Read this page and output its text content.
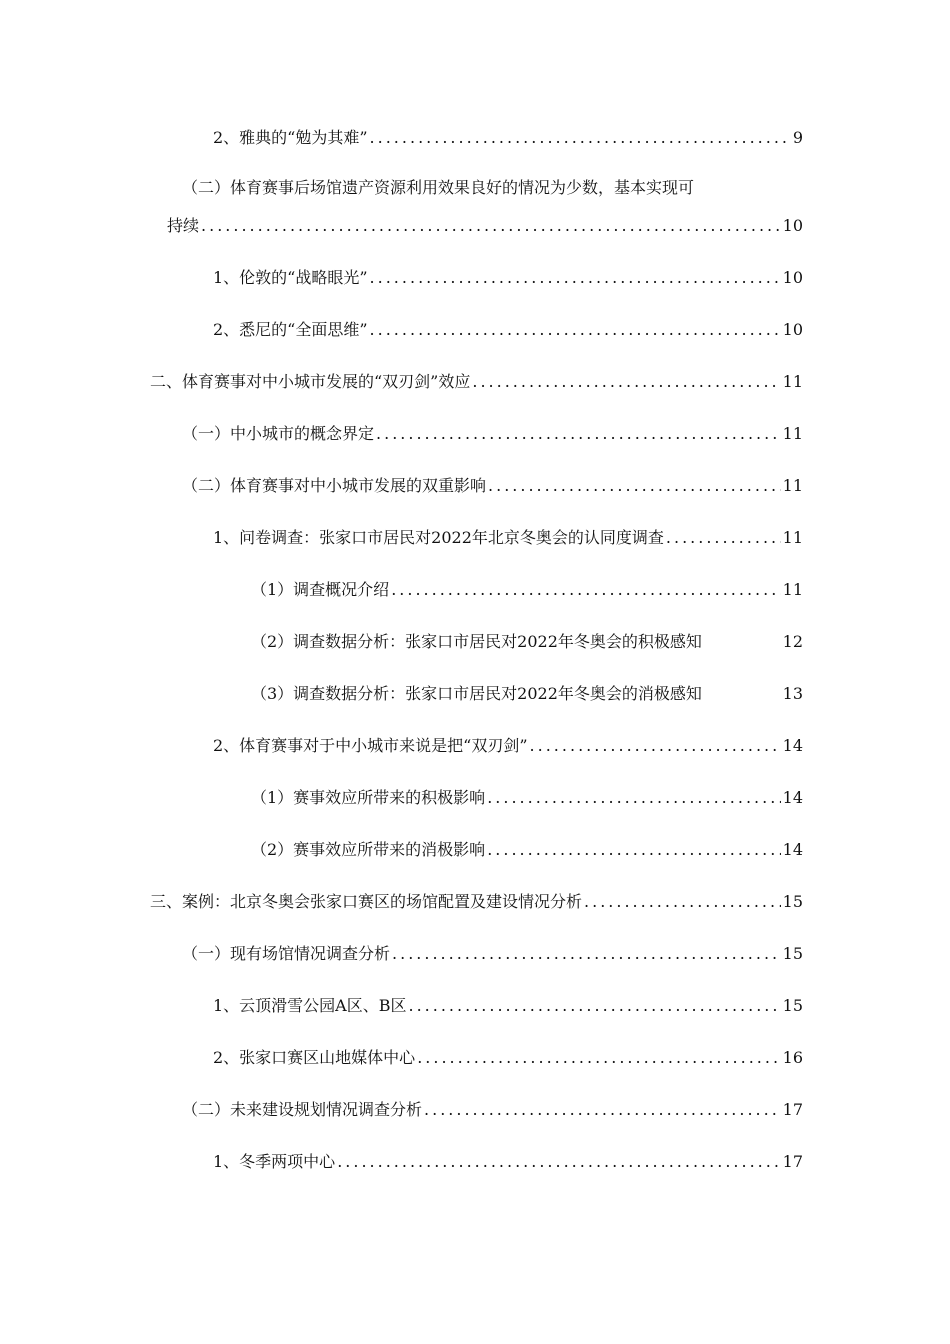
2、雅典的“勉为其难” .....	9
（二）体育赛事后场馆遗产资源利用效果良好的情况为少数，基本实现可
持续 .....	10
1、伦敦的“战略眼光” .....	10
2、悉尼的“全面思维” .....	10
二、体育赛事对中小城市发展的“双刃剑”效应 .....	11
（一）中小城市的概念界定 .....	11
（二）体育赛事对中小城市发展的双重影响 .....	11
1、问卷调查：张家口市居民对2022年北京冬奥会的认同度调查 .....	11
（1）调查概况介绍 .....	11
（2）调查数据分析：张家口市居民对2022年冬奥会的积极感知	12
（3）调查数据分析：张家口市居民对2022年冬奥会的消极感知	13
2、体育赛事对于中小城市来说是把“双刃剑” .....	14
（1）赛事效应所带来的积极影响 .....	14
（2）赛事效应所带来的消极影响 .....	14
三、案例：北京冬奥会张家口赛区的场馆配置及建设情况分析 .....	15
（一）现有场馆情况调查分析 .....	15
1、云顶滑雪公园A区、B区 .....	15
2、张家口赛区山地媒体中心 .....	16
（二）未来建设规划情况调查分析 .....	17
1、冬季两项中心 .....	17
